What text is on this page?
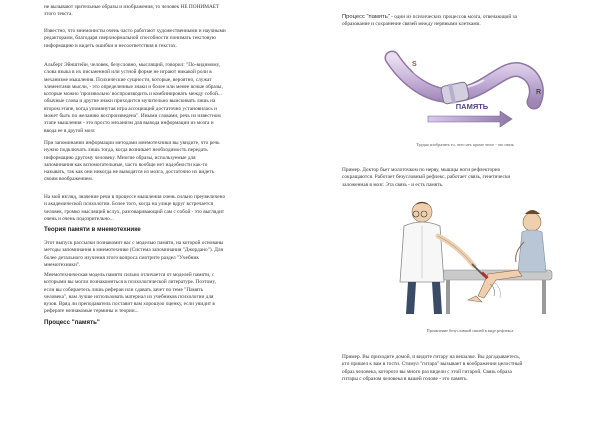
не вызывают зрительные образы и изображения, то человек НЕ ПОНИМАЕТ
этого текста.

Известно, что мнемонисты очень часто работают художественными и научными
редакторами, благодаря сверхнормальной способности понимать текстовую
информацию и видеть ошибки и несоответствия в текстах.

Альберт Эйнштейн, человек, безусловно, мыслящий, говорил: "По-видимому,
слова языка в их письменной или устной форме не играют никакой роли в
механизме мышления. Психические сущности, которые, вероятно, служат
элементами мысли, - это определенные знаки и более или менее ясные образы,
которые можно 'произвольно' воспроизводить и комбинировать между собой...
обычные слова и другие знаки приходится мучительно выискивать лишь на
втором этапе, когда упомянутая игра ассоциаций достаточно установилась и
может быть по желанию воспроизведена". Иными словами, речь из известном
этапе мышления - это просто механизм для вывода информации из мозга и
ввода ее в другой мозг.

При запоминании информации методами мнемотехники вы увидите, что речь
нужно подключать лишь тогда, когда возникает необходимость передать
информацию другому человеку. Многие образы, используемые для
запоминания как вспомогательные, часто вообще нет надобности как-то
называть, так как они никогда не выводятся из мозга, достаточно их видеть
своим воображением.

На мой взгляд, значение речи в процессе мышления очень сильно преувеличено
и академической психологии. Более того, когда на улице вдруг встречается
человек, громко мыслящий вслух, разговаривающий сам с собой - это выглядит
очень и очень подозрительно...

Теория памяти в мнемотехнике

Этот выпуск рассылки познакомит вас с моделью памяти, на которой основаны
методы запоминания в мнемотехнике (Система запоминания "Джордано"). Для
более детального изучения этого вопроса смотрите раздел "Учебник
мнемотехники".

Мнемотехническая модель памяти сильно отличается от моделей памяти, с
которыми вы могли познакомиться в психологической литературе. Поэтому,
если вы собираетесь лишь рефераи или сдавать зачет по теме "Память
человека", вам лучше использовать материал из учебников психологии для
вузов. Вряд ли преподаватель поставит вам хорошую оценку, если увидит в
реферате незнакомые термины и теории...

Процесс "память"

Процесс "память" - один из психических процессов мозга, отвечающий за
образование и сохранение связей между нервными клетками.

S
R
ПАМЯТЬ

Трудно изобразить то, чего нет, кроме этого - это связь

Пример. Доктор бьет молоточком по нерву, мышцы ноги рефлекторно
сокращаются. Работает безусловный рефлекс, работает связь, генетически
заложенная в мозг. Эта связь - и есть память.

Проявление безусловной связей в виде рефлекса

Пример. Вы приходите домой, и видите гитару на вешалке. Вы догадываетесь,
кто пришел к вам в гости. Стимул "гитара" вызывает в воображении целостный
образ человека, которого вы много раз видели с этой гитарой. Связь образа
гитары с образом человека в вашей голове - это память.
